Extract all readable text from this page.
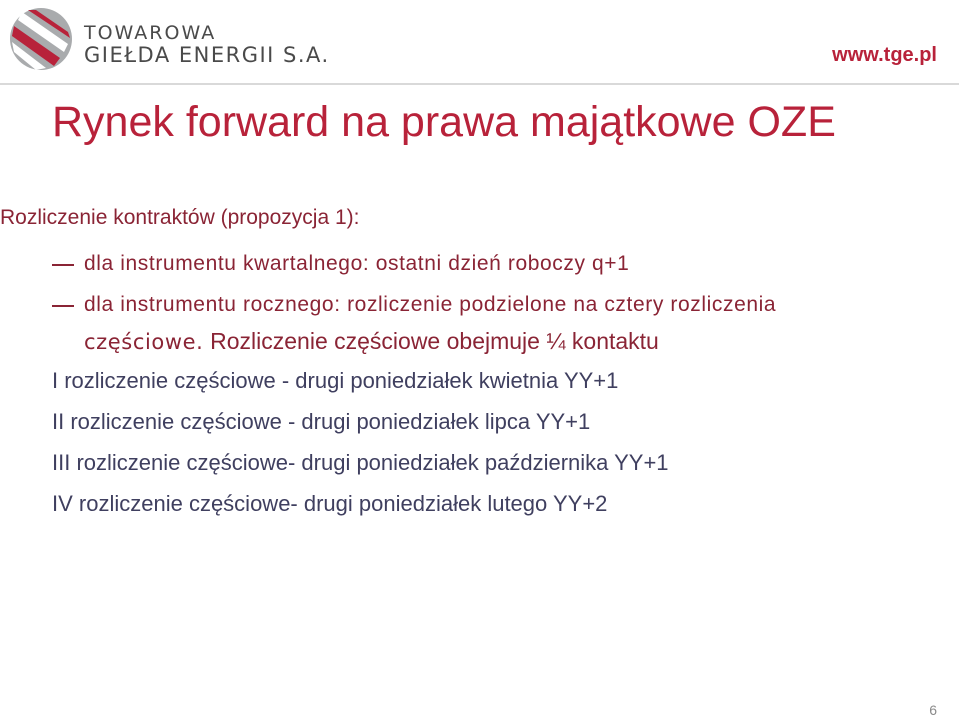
TOWAROWA
GIEŁDA ENERGII S.A.	www.tge.pl
Rynek forward na prawa majątkowe OZE
Rozliczenie kontraktów (propozycja 1):
dla instrumentu kwartalnego: ostatni dzień roboczy q+1
dla instrumentu rocznego: rozliczenie podzielone na cztery rozliczenia
częściowe. Rozliczenie częściowe obejmuje ¼ kontaktu
I rozliczenie częściowe - drugi poniedziałek kwietnia YY+1
II rozliczenie częściowe - drugi poniedziałek lipca YY+1
III rozliczenie częściowe- drugi poniedziałek października YY+1
IV rozliczenie częściowe- drugi poniedziałek lutego YY+2
6
